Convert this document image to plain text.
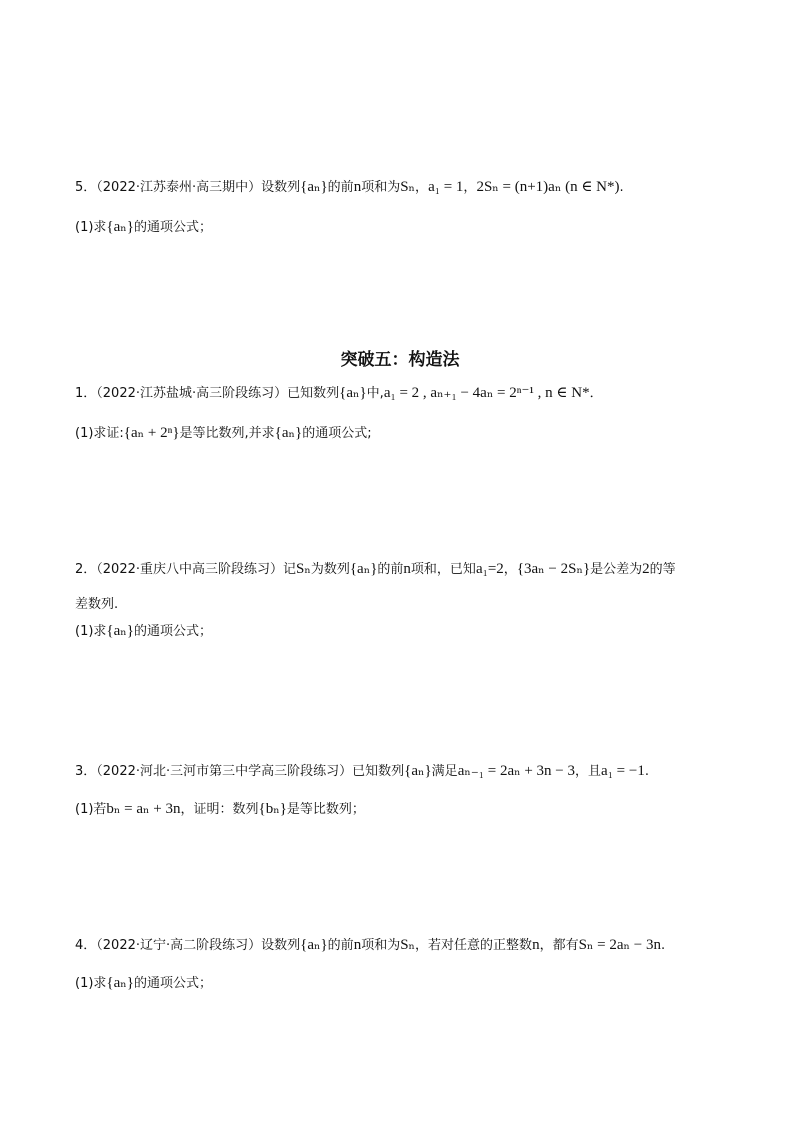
5．（2022·江苏泰州·高三期中）设数列{aₙ}的前n项和为Sₙ，a₁ = 1，2Sₙ = (n+1)aₙ (n ∈ N*).
(1)求{aₙ}的通项公式；
突破五：构造法
1．（2022·江苏盐城·高三阶段练习）已知数列{aₙ}中,a₁ = 2 , aₙ₊₁ − 4aₙ = 2ⁿ⁻¹ , n ∈ N*．
(1)求证:{aₙ + 2ⁿ}是等比数列,并求{aₙ}的通项公式;
2．（2022·重庆八中高三阶段练习）记Sₙ为数列{aₙ}的前n项和，已知a₁=2，{3aₙ − 2Sₙ}是公差为2的等
差数列.
(1)求{aₙ}的通项公式；
3．（2022·河北·三河市第三中学高三阶段练习）已知数列{aₙ}满足aₙ₋₁ = 2aₙ + 3n − 3，且a₁ = −1.
(1)若bₙ = aₙ + 3n，证明：数列{bₙ}是等比数列；
4．（2022·辽宁·高二阶段练习）设数列{aₙ}的前n项和为Sₙ，若对任意的正整数n，都有Sₙ = 2aₙ − 3n.
(1)求{aₙ}的通项公式；
